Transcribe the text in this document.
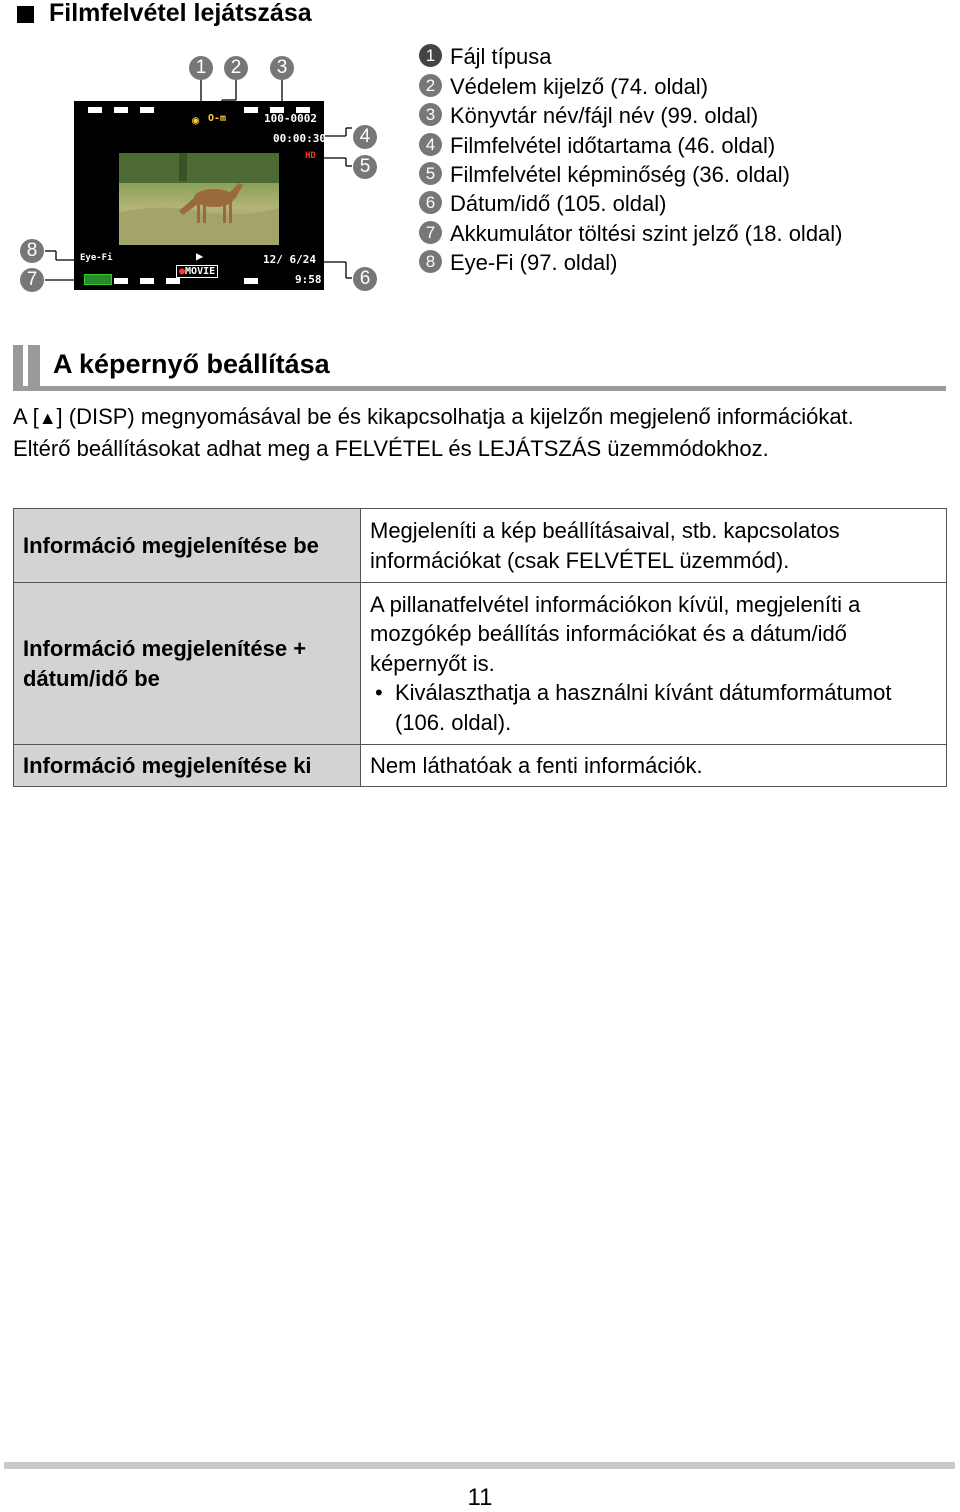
Filmfelvétel lejátszása
1	2	3
4
5
6
8
7
◉ O-m	100-0002
00:00:30
HD
Eye-Fi	▶
●MOVIE
12/ 6/24
9:58
1 Fájl típusa
2 Védelem kijelző (74. oldal)
3 Könyvtár név/fájl név (99. oldal)
4 Filmfelvétel időtartama (46. oldal)
5 Filmfelvétel képminőség (36. oldal)
6 Dátum/idő (105. oldal)
7 Akkumulátor töltési szint jelző (18. oldal)
8 Eye-Fi (97. oldal)
A képernyő beállítása
A [▲] (DISP) megnyomásával be és kikapcsolhatja a kijelzőn megjelenő információkat. Eltérő beállításokat adhat meg a FELVÉTEL és LEJÁTSZÁS üzemmódokhoz.
Információ megjelenítése be	Megjeleníti a kép beállításaival, stb. kapcsolatos információkat (csak FELVÉTEL üzemmód).
Információ megjelenítése + dátum/idő be	A pillanatfelvétel információkon kívül, megjeleníti a mozgókép beállítás információkat és a dátum/idő képernyőt is.
• Kiválaszthatja a használni kívánt dátumformátumot (106. oldal).

Információ megjelenítése ki	Nem láthatóak a fenti információk.
11
